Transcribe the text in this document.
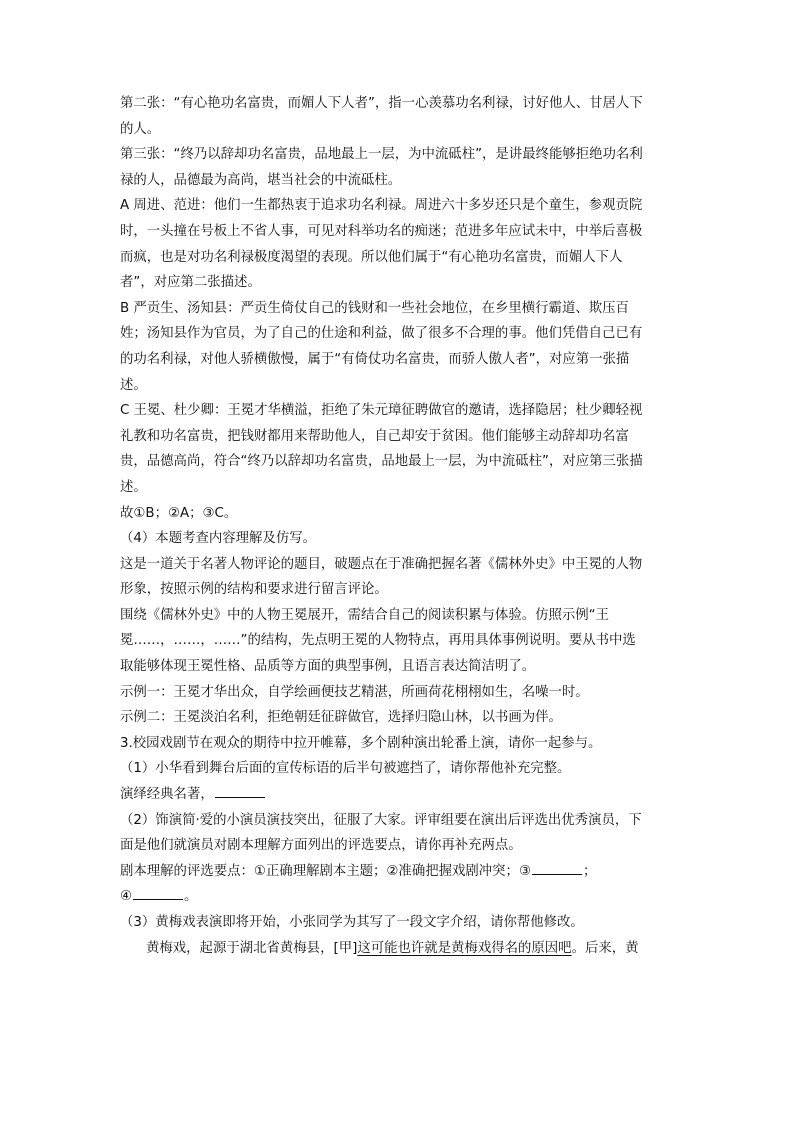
第二张：“有心艳功名富贵，而媚人下人者”，指一心羡慕功名利禄，讨好他人、甘居人下

的人。

第三张：“终乃以辞却功名富贵，品地最上一层，为中流砥柱”，是讲最终能够拒绝功名利

禄的人，品德最为高尚，堪当社会的中流砥柱。

A 周进、范进：他们一生都热衷于追求功名利禄。周进六十多岁还只是个童生，参观贡院

时，一头撞在号板上不省人事，可见对科举功名的痴迷；范进多年应试未中，中举后喜极

而疯，也是对功名利禄极度渴望的表现。所以他们属于“有心艳功名富贵，而媚人下人

者”，对应第二张描述。

B 严贡生、汤知县：严贡生倚仗自己的钱财和一些社会地位，在乡里横行霸道、欺压百

姓；汤知县作为官员，为了自己的仕途和利益，做了很多不合理的事。他们凭借自己已有

的功名利禄，对他人骄横傲慢，属于“有倚仗功名富贵，而骄人傲人者”，对应第一张描

述。

C 王冕、杜少卿：王冕才华横溢，拒绝了朱元璋征聘做官的邀请，选择隐居；杜少卿轻视

礼教和功名富贵，把钱财都用来帮助他人，自己却安于贫困。他们能够主动辞却功名富

贵，品德高尚，符合“终乃以辞却功名富贵，品地最上一层，为中流砥柱”，对应第三张描

述。

故①B；②A；③C。

（4）本题考查内容理解及仿写。

这是一道关于名著人物评论的题目，破题点在于准确把握名著《儒林外史》中王冕的人物

形象，按照示例的结构和要求进行留言评论。

围绕《儒林外史》中的人物王冕展开，需结合自己的阅读积累与体验。仿照示例“王

冕……，……，……”的结构，先点明王冕的人物特点，再用具体事例说明。要从书中选

取能够体现王冕性格、品质等方面的典型事例，且语言表达简洁明了。

示例一：王冕才华出众，自学绘画便技艺精湛，所画荷花栩栩如生，名噪一时。

示例二：王冕淡泊名利，拒绝朝廷征辟做官，选择归隐山林，以书画为伴。

3.校园戏剧节在观众的期待中拉开帷幕，多个剧种演出轮番上演，请你一起参与。

（1）小华看到舞台后面的宣传标语的后半句被遮挡了，请你帮他补充完整。

演绎经典名著，

（2）饰演简·爱的小演员演技突出，征服了大家。评审组要在演出后评选出优秀演员，下

面是他们就演员对剧本理解方面列出的评选要点，请你再补充两点。

剧本理解的评选要点：①正确理解剧本主题；②准确把握戏剧冲突；③	；

④	。

（3）黄梅戏表演即将开始，小张同学为其写了一段文字介绍，请你帮他修改。

黄梅戏，起源于湖北省黄梅县，[甲]这可能也许就是黄梅戏得名的原因吧。后来，黄
